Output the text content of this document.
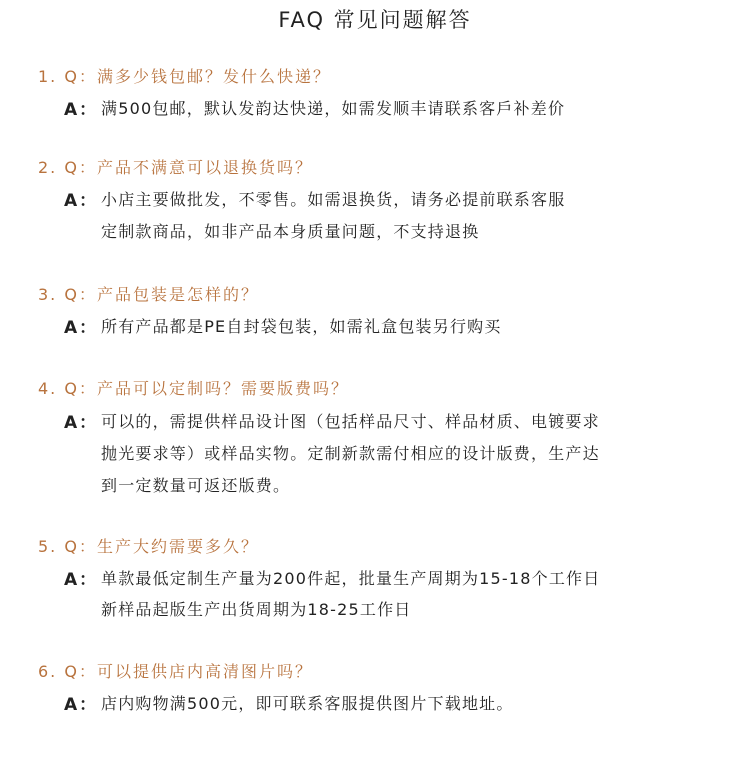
FAQ 常见问题解答
1. Q：满多少钱包邮？发什么快递？
A： 满500包邮，默认发韵达快递，如需发顺丰请联系客戶补差价
2. Q：产品不满意可以退换货吗？
A： 小店主要做批发，不零售。如需退换货，请务必提前联系客服
定制款商品，如非产品本身质量问题，不支持退换
3. Q：产品包装是怎样的？
A： 所有产品都是PE自封袋包装，如需礼盒包装另行购买
4. Q：产品可以定制吗？需要版费吗？
A： 可以的，需提供样品设计图（包括样品尺寸、样品材质、电镀要求
抛光要求等）或样品实物。定制新款需付相应的设计版费，生产达
到一定数量可返还版费。
5. Q：生产大约需要多久？
A： 单款最低定制生产量为200件起，批量生产周期为15-18个工作日
新样品起版生产出货周期为18-25工作日
6. Q：可以提供店内高清图片吗？
A： 店内购物满500元，即可联系客服提供图片下载地址。
